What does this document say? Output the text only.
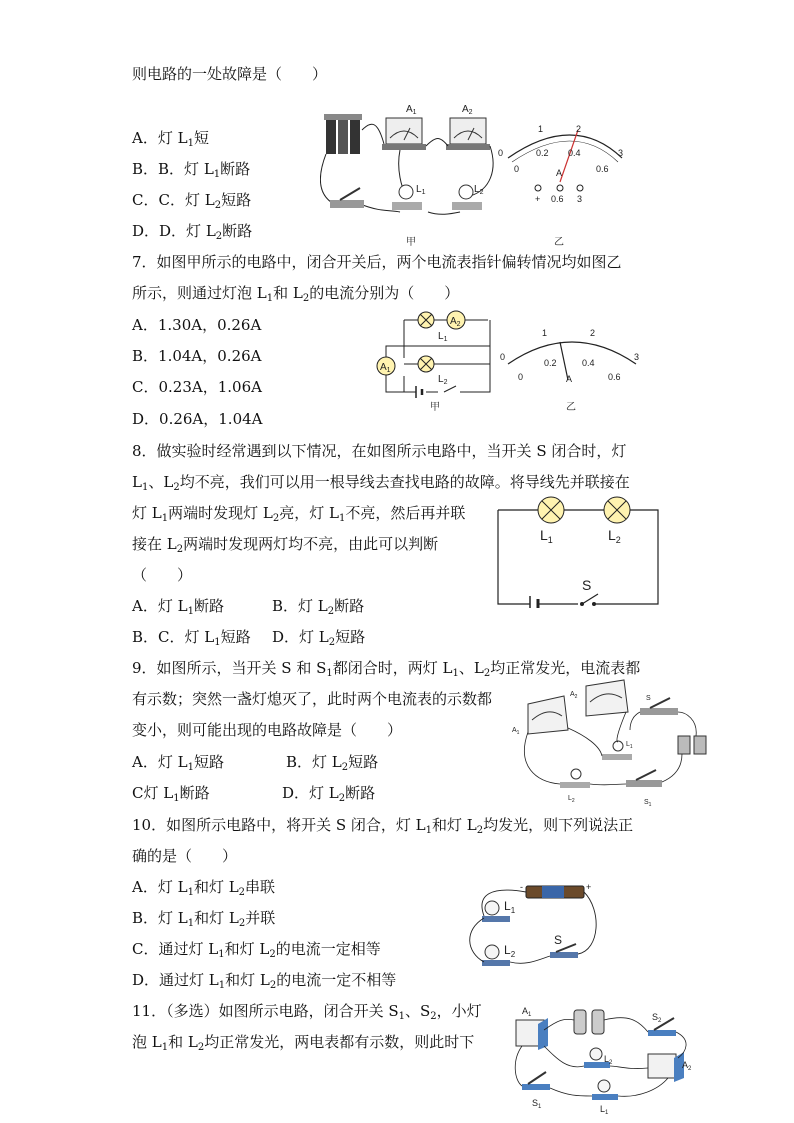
则电路的一处故障是（　　）
A．灯 $L_1$短
B．B．灯 $L_1$断路
C．C．灯 $L_2$短路
D．D．灯 $L_2$断路
$A_1$	$A_2$
$L_1$	$L_2$
甲
0
1	2
3
0
0.2 0.4
0.6
A
+ 0.6 3
乙
7．如图甲所示的电路中，闭合开关后，两个电流表指针偏转情况均如图乙
所示，则通过灯泡 $L_1$和 $L_2$的电流分别为（　　）
A．1.30A，0.26A
B．1.04A，0.26A
C．0.23A，1.06A
D．0.26A，1.04A
$A_2$
$L_1$
$L_2$
$A_1$
甲
0
1	2
3
0
0.2	0.4
0.6
A
乙
8．做实验时经常遇到以下情况，在如图所示电路中，当开关 S 闭合时，灯
$L_1$、$L_2$均不亮，我们可以用一根导线去查找电路的故障。将导线先并联接在
灯 $L_1$两端时发现灯 $L_2$亮，灯 $L_1$不亮，然后再并联
接在 $L_2$两端时发现两灯均不亮，由此可以判断
（　　）
A．灯 $L_1$断路	B．灯 $L_2$断路
B．C．灯 $L_1$短路 D．灯 $L_2$短路
$L_1$	$L_2$
S
9．如图所示，当开关 S 和 $S_1$都闭合时，两灯 $L_1$、$L_2$均正常发光，电流表都
有示数；突然一盏灯熄灭了，此时两个电流表的示数都
变小，则可能出现的电路故障是（　　）
A．灯 $L_1$短路	B．灯 $L_2$短路
C灯 $L_1$断路	D．灯 $L_2$断路
$A_1$
$A_2$	S
$L_1$
$L_2$	$S_1$
10．如图所示电路中，将开关 S 闭合，灯 $L_1$和灯 $L_2$均发光，则下列说法正
确的是（　　）
A．灯 $L_1$和灯 $L_2$串联
B．灯 $L_1$和灯 $L_2$并联
C．通过灯 $L_1$和灯 $L_2$的电流一定相等
D．通过灯 $L_1$和灯 $L_2$的电流一定不相等
-	+
$L_1$
$L_2$
S
11．（多选）如图所示电路，闭合开关 $S_1$、$S_2$，小灯
泡 $L_1$和 $L_2$均正常发光，两电表都有示数，则此时下
$A_1$	$S_2$
$L_2$	$A_2$
$S_1$	$L_1$
